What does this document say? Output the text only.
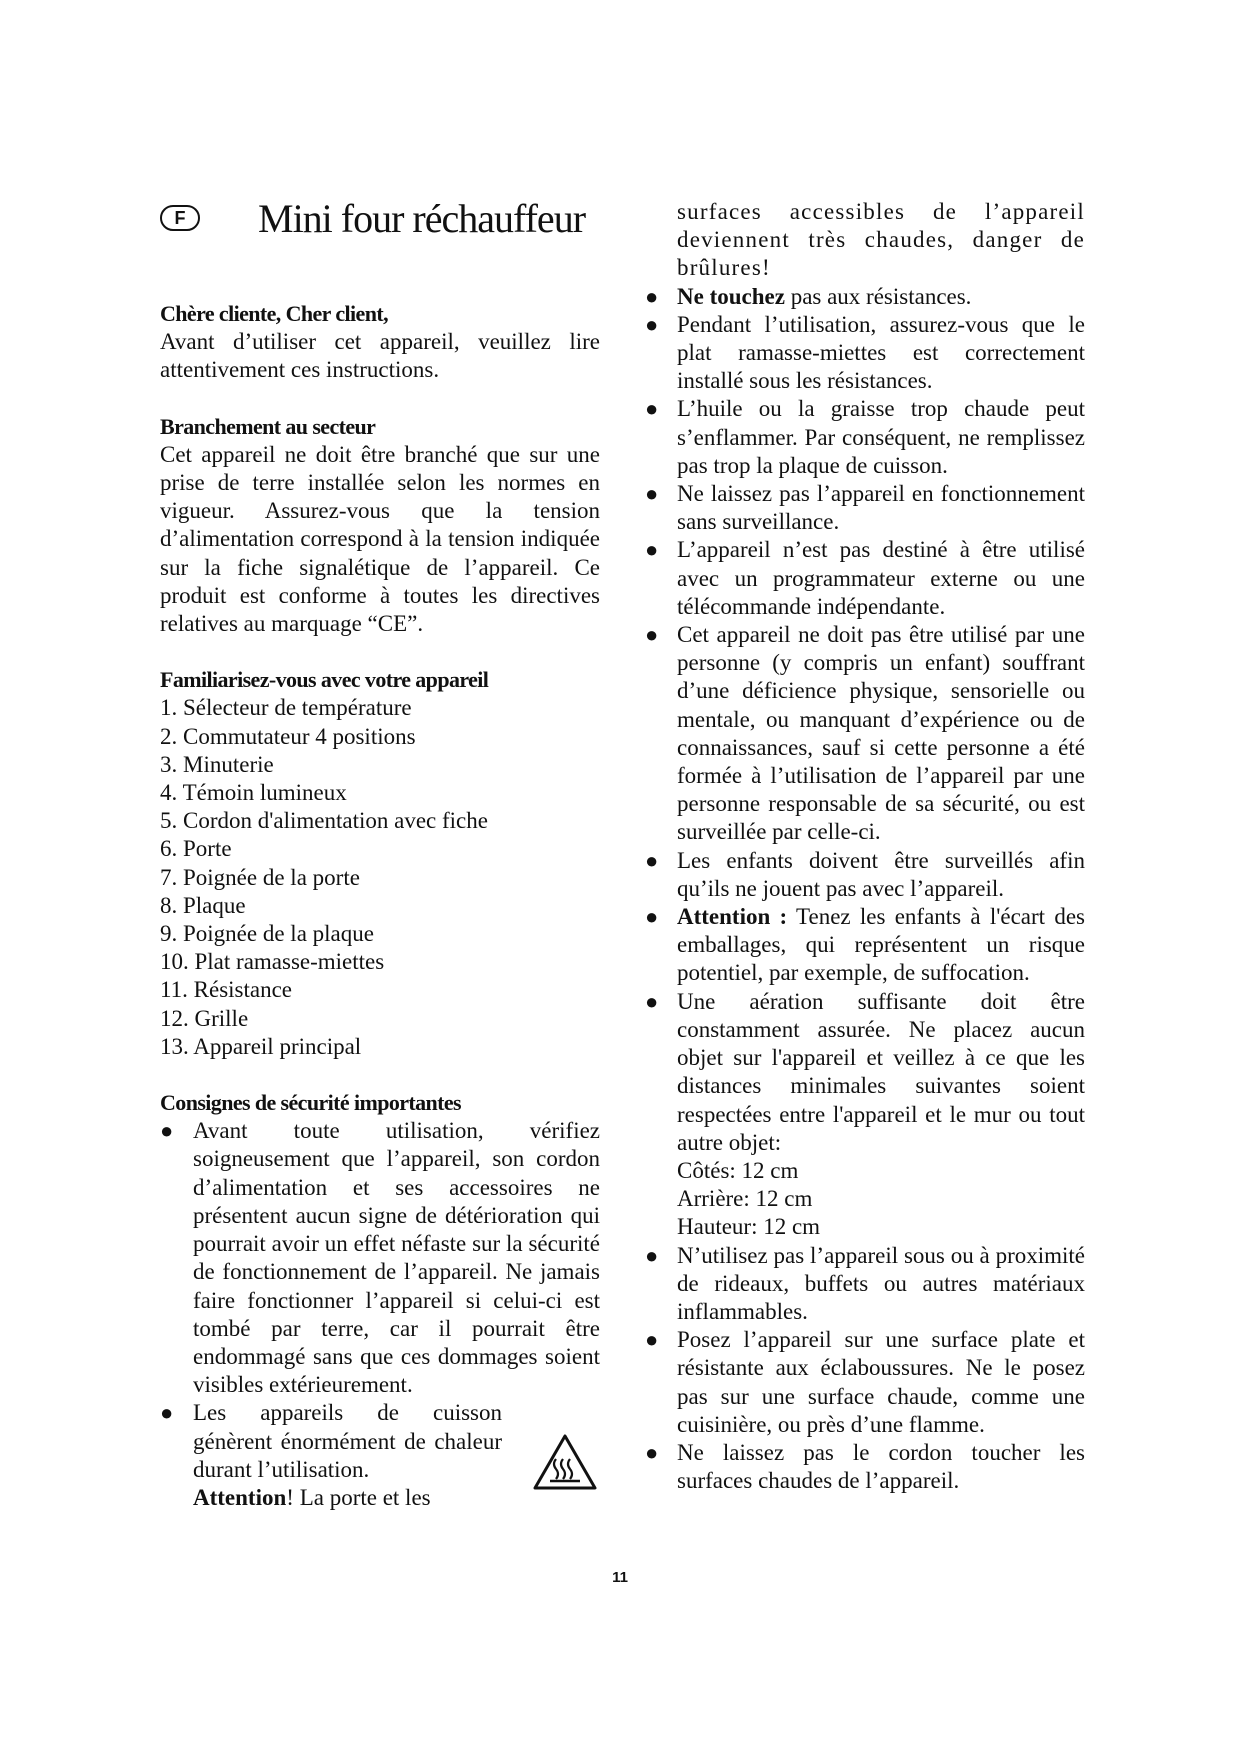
F	Mini four réchauffeur

Chère cliente, Cher client,

Avant d’utiliser cet appareil, veuillez lire attentivement ces instructions.

Branchement au secteur

Cet appareil ne doit être branché que sur une prise de terre installée selon les normes en vigueur. Assurez-vous que la tension d’alimentation correspond à la tension indiquée sur la fiche signalétique de l’appareil. Ce produit est conforme à toutes les directives relatives au marquage “CE”.

Familiarisez-vous avec votre appareil

1. Sélecteur de température
2. Commutateur 4 positions
3. Minuterie
4. Témoin lumineux
5. Cordon d'alimentation avec fiche
6. Porte
7. Poignée de la porte
8. Plaque
9. Poignée de la plaque
10. Plat ramasse-miettes
11. Résistance
12. Grille
13. Appareil principal

Consignes de sécurité importantes

● Avant toute utilisation, vérifiez soigneusement que l’appareil, son cordon d’alimentation et ses accessoires ne présentent aucun signe de détérioration qui pourrait avoir un effet néfaste sur la sécurité de fonctionnement de l’appareil. Ne jamais faire fonctionner l’appareil si celui-ci est tombé par terre, car il pourrait être endommagé sans que ces dommages soient visibles extérieurement.

● Les appareils de cuisson génèrent énormément de chaleur durant l’utilisation.
Attention! La porte et les

surfaces accessibles de l’appareil deviennent très chaudes, danger de brûlures!

● Ne touchez pas aux résistances.

● Pendant l’utilisation, assurez-vous que le plat ramasse-miettes est correctement installé sous les résistances.

● L’huile ou la graisse trop chaude peut s’enflammer. Par conséquent, ne remplissez pas trop la plaque de cuisson.

● Ne laissez pas l’appareil en fonctionnement sans surveillance.

● L’appareil n’est pas destiné à être utilisé avec un programmateur externe ou une télécommande indépendante.

● Cet appareil ne doit pas être utilisé par une personne (y compris un enfant) souffrant d’une déficience physique, sensorielle ou mentale, ou manquant d’expérience ou de connaissances, sauf si cette personne a été formée à l’utilisation de l’appareil par une personne responsable de sa sécurité, ou est surveillée par celle-ci.

● Les enfants doivent être surveillés afin qu’ils ne jouent pas avec l’appareil.

● Attention : Tenez les enfants à l'écart des emballages, qui représentent un risque potentiel, par exemple, de suffocation.

● Une aération suffisante doit être constamment assurée. Ne placez aucun objet sur l'appareil et veillez à ce que les distances minimales suivantes soient respectées entre l'appareil et le mur ou tout autre objet:

Côtés: 12 cm

Arrière: 12 cm

Hauteur: 12 cm

● N’utilisez pas l’appareil sous ou à proximité de rideaux, buffets ou autres matériaux inflammables.

● Posez l’appareil sur une surface plate et résistante aux éclaboussures. Ne le posez pas sur une surface chaude, comme une cuisinière, ou près d’une flamme.

● Ne laissez pas le cordon toucher les surfaces chaudes de l’appareil.

11
